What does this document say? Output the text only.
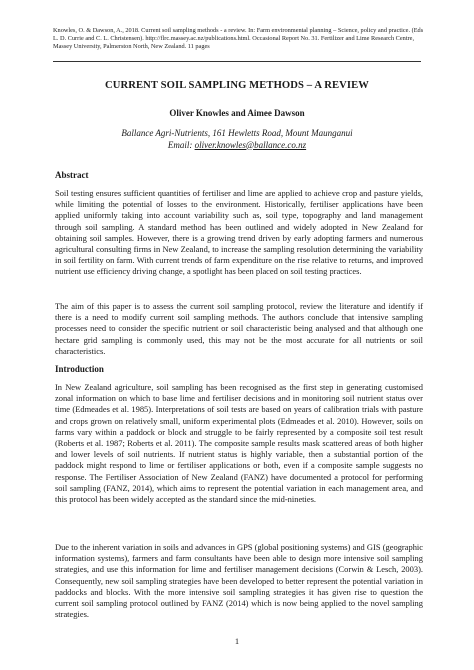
Knowles, O. & Dawson, A., 2018. Current soil sampling methods - a review. In: Farm environmental planning – Science, policy and practice. (Eds L. D. Currie and C. L. Christensen). http://flrc.massey.ac.nz/publications.html. Occasional Report No. 31. Fertilizer and Lime Research Centre, Massey University, Palmerston North, New Zealand. 11 pages
CURRENT SOIL SAMPLING METHODS – A REVIEW
Oliver Knowles and Aimee Dawson
Ballance Agri-Nutrients, 161 Hewletts Road, Mount Maunganui
Email: oliver.knowles@ballance.co.nz
Abstract
Soil testing ensures sufficient quantities of fertiliser and lime are applied to achieve crop and pasture yields, while limiting the potential of losses to the environment. Historically, fertiliser applications have been applied uniformly taking into account variability such as, soil type, topography and land management through soil sampling. A standard method has been outlined and widely adopted in New Zealand for obtaining soil samples. However, there is a growing trend driven by early adopting farmers and numerous agricultural consulting firms in New Zealand, to increase the sampling resolution determining the variability in soil fertility on farm. With current trends of farm expenditure on the rise relative to returns, and improved nutrient use efficiency driving change, a spotlight has been placed on soil testing practices.
The aim of this paper is to assess the current soil sampling protocol, review the literature and identify if there is a need to modify current soil sampling methods. The authors conclude that intensive sampling processes need to consider the specific nutrient or soil characteristic being analysed and that although one hectare grid sampling is commonly used, this may not be the most accurate for all nutrients or soil characteristics.
Introduction
In New Zealand agriculture, soil sampling has been recognised as the first step in generating customised zonal information on which to base lime and fertiliser decisions and in monitoring soil nutrient status over time (Edmeades et al. 1985). Interpretations of soil tests are based on years of calibration trials with pasture and crops grown on relatively small, uniform experimental plots (Edmeades et al. 2010). However, soils on farms vary within a paddock or block and struggle to be fairly represented by a composite soil test result (Roberts et al. 1987; Roberts et al. 2011). The composite sample results mask scattered areas of both higher and lower levels of soil nutrients. If nutrient status is highly variable, then a substantial portion of the paddock might respond to lime or fertiliser applications or both, even if a composite sample suggests no response. The Fertiliser Association of New Zealand (FANZ) have documented a protocol for performing soil sampling (FANZ, 2014), which aims to represent the potential variation in each management area, and this protocol has been widely accepted as the standard since the mid-nineties.
Due to the inherent variation in soils and advances in GPS (global positioning systems) and GIS (geographic information systems), farmers and farm consultants have been able to design more intensive soil sampling strategies, and use this information for lime and fertiliser management decisions (Corwin & Lesch, 2003). Consequently, new soil sampling strategies have been developed to better represent the potential variation in paddocks and blocks. With the more intensive soil sampling strategies it has given rise to question the current soil sampling protocol outlined by FANZ (2014) which is now being applied to the novel sampling strategies.
1
